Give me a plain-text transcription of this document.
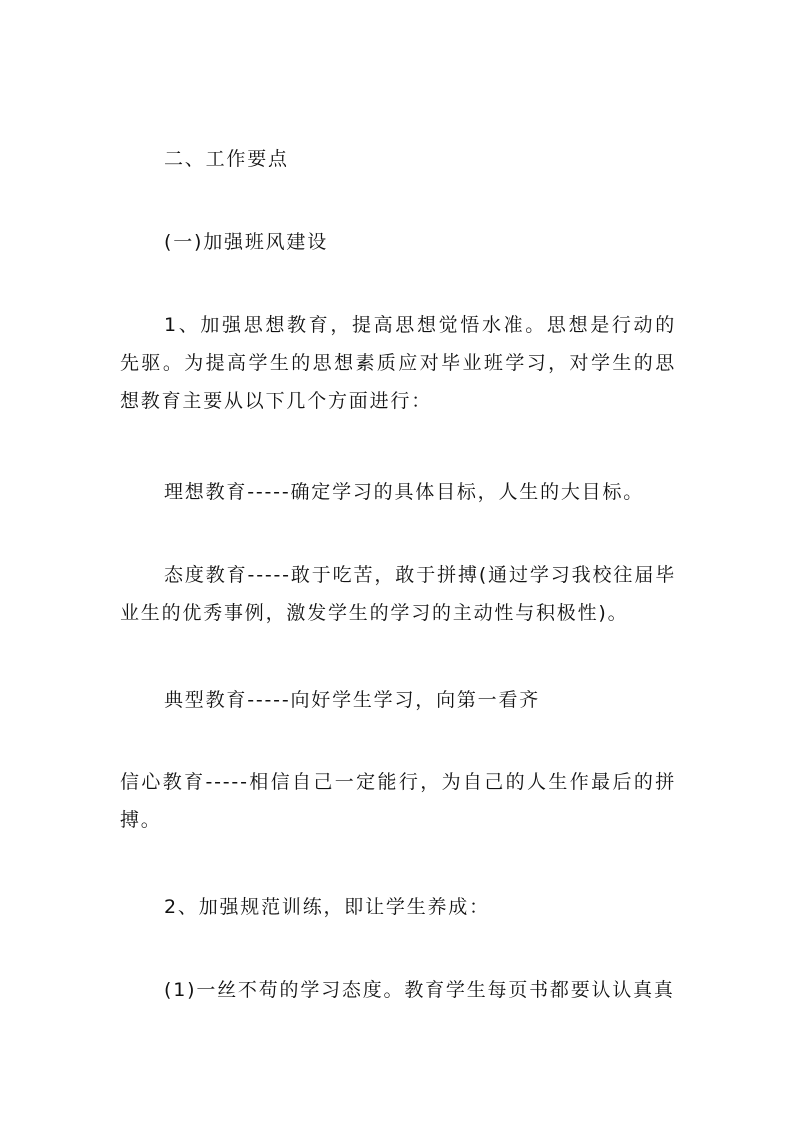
二、工作要点

(一)加强班风建设

1、加强思想教育，提高思想觉悟水准。思想是行动的先驱。为提高学生的思想素质应对毕业班学习，对学生的思想教育主要从以下几个方面进行：

理想教育-----确定学习的具体目标，人生的大目标。

态度教育-----敢于吃苦，敢于拼搏(通过学习我校往届毕业生的优秀事例，激发学生的学习的主动性与积极性)。

典型教育-----向好学生学习，向第一看齐

信心教育-----相信自己一定能行，为自己的人生作最后的拼搏。

2、加强规范训练，即让学生养成：

(1)一丝不苟的学习态度。教育学生每页书都要认认真真
